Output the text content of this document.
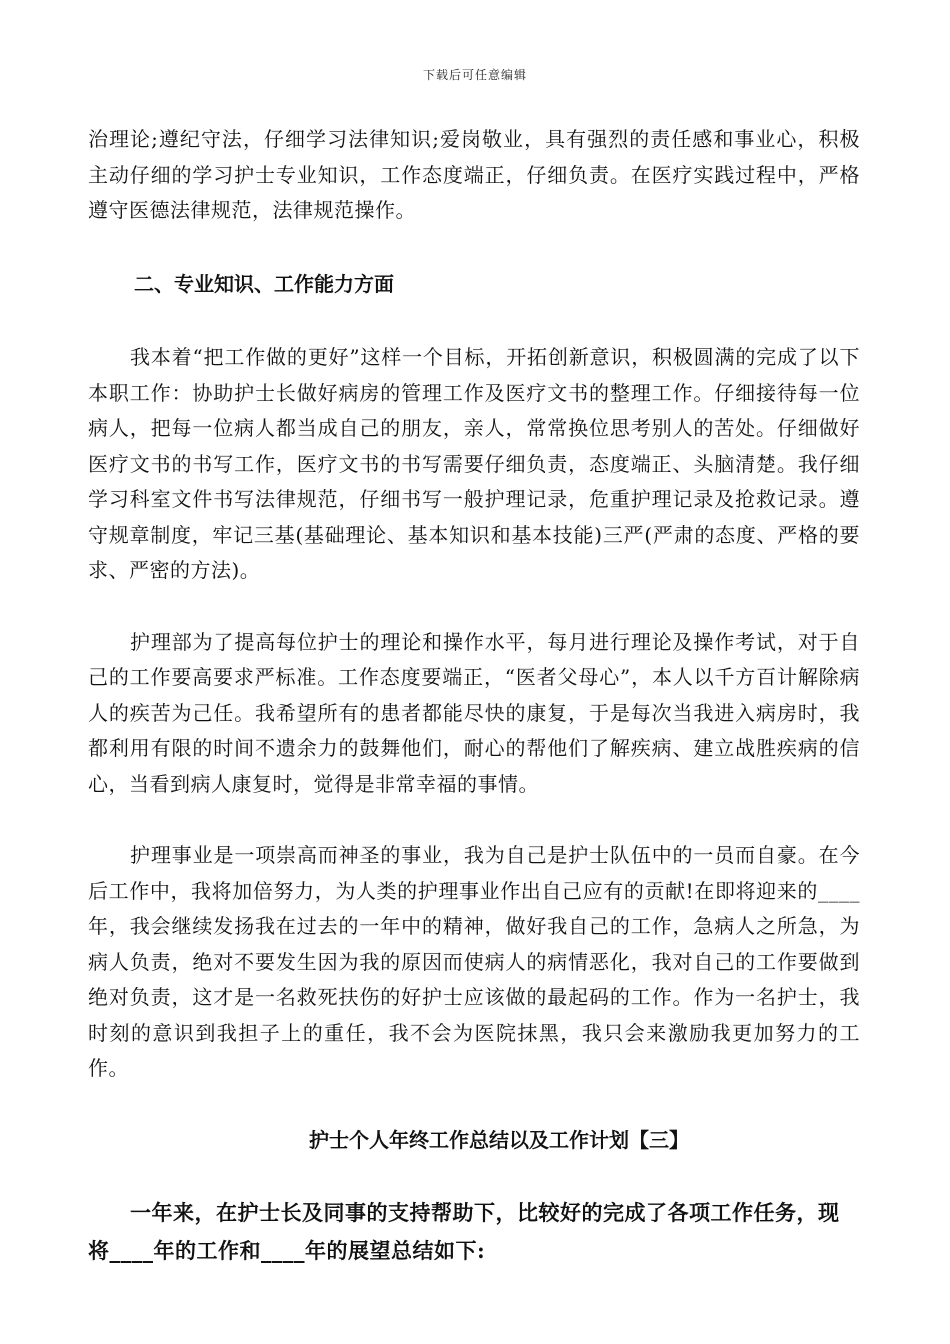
下载后可任意编辑

治理论;遵纪守法，仔细学习法律知识;爱岗敬业，具有强烈的责任感和事业心，积极主动仔细的学习护士专业知识，工作态度端正，仔细负责。在医疗实践过程中，严格遵守医德法律规范，法律规范操作。

二、专业知识、工作能力方面

我本着“把工作做的更好”这样一个目标，开拓创新意识，积极圆满的完成了以下本职工作：协助护士长做好病房的管理工作及医疗文书的整理工作。仔细接待每一位病人，把每一位病人都当成自己的朋友，亲人，常常换位思考别人的苦处。仔细做好医疗文书的书写工作，医疗文书的书写需要仔细负责，态度端正、头脑清楚。我仔细学习科室文件书写法律规范，仔细书写一般护理记录，危重护理记录及抢救记录。遵守规章制度，牢记三基(基础理论、基本知识和基本技能)三严(严肃的态度、严格的要求、严密的方法)。

护理部为了提高每位护士的理论和操作水平，每月进行理论及操作考试，对于自己的工作要高要求严标准。工作态度要端正，“医者父母心”，本人以千方百计解除病人的疾苦为己任。我希望所有的患者都能尽快的康复，于是每次当我进入病房时，我都利用有限的时间不遗余力的鼓舞他们，耐心的帮他们了解疾病、建立战胜疾病的信心，当看到病人康复时，觉得是非常幸福的事情。

护理事业是一项崇高而神圣的事业，我为自己是护士队伍中的一员而自豪。在今后工作中，我将加倍努力，为人类的护理事业作出自己应有的贡献!在即将迎来的____年，我会继续发扬我在过去的一年中的精神，做好我自己的工作，急病人之所急，为病人负责，绝对不要发生因为我的原因而使病人的病情恶化，我对自己的工作要做到绝对负责，这才是一名救死扶伤的好护士应该做的最起码的工作。作为一名护士，我时刻的意识到我担子上的重任，我不会为医院抹黑，我只会来激励我更加努力的工作。

护士个人年终工作总结以及工作计划【三】

一年来，在护士长及同事的支持帮助下，比较好的完成了各项工作任务，现将____年的工作和____年的展望总结如下:
